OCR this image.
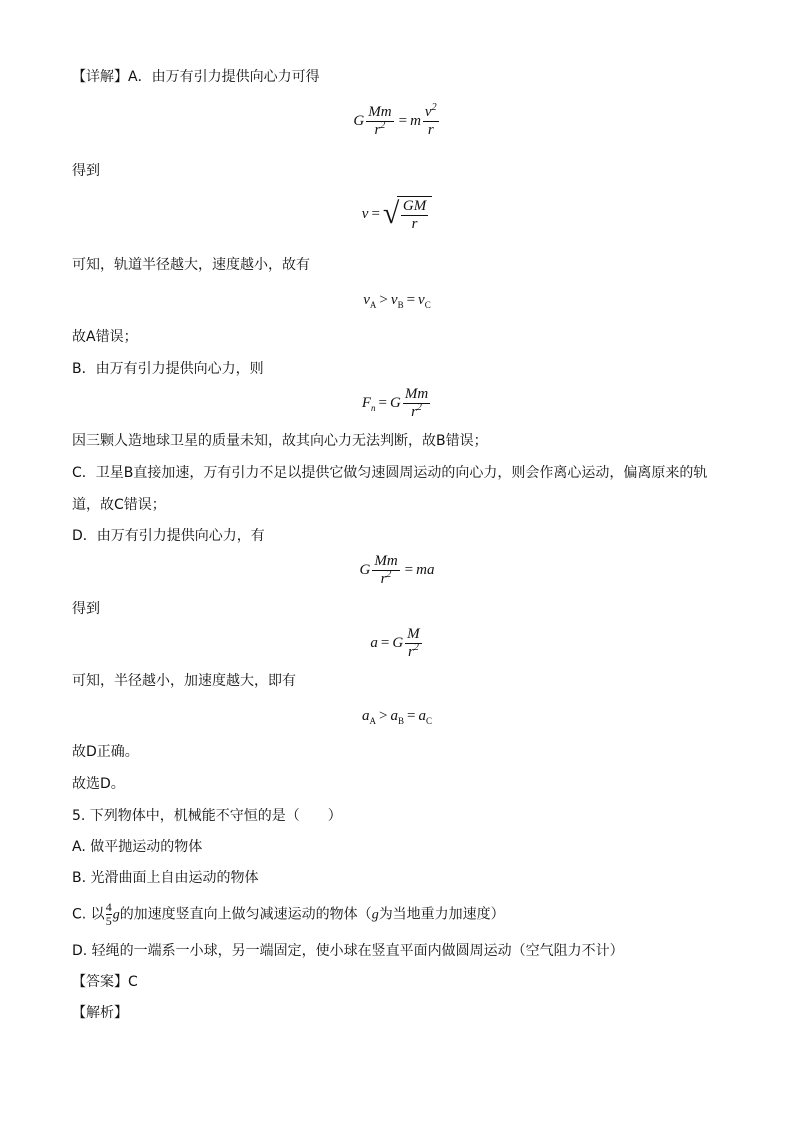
【详解】A．由万有引力提供向心力可得
G $\frac{Mm}{r^2} = m \frac{v^2}{r}$
得到
v = √ $\frac{GM}{r}$
可知，轨道半径越大，速度越小，故有
$v_A > v_B = v_C$
故A错误；
B．由万有引力提供向心力，则
$F_n = G \frac{Mm}{r^2}$
因三颗人造地球卫星的质量未知，故其向心力无法判断，故B错误；
C．卫星B直接加速，万有引力不足以提供它做匀速圆周运动的向心力，则会作离心运动，偏离原来的轨
道，故C错误；
D．由万有引力提供向心力，有
G $\frac{Mm}{r^2}$ = ma
得到
a = G $\frac{M}{r^2}$
可知，半径越小，加速度越大，即有
$a_A > a_B = a_C$
故D正确。
故选D。
5. 下列物体中，机械能不守恒的是（　　）
A. 做平抛运动的物体
B. 光滑曲面上自由运动的物体
C. 以 $\frac{4}{5}$ g的加速度竖直向上做匀减速运动的物体（g为当地重力加速度）
D. 轻绳的一端系一小球，另一端固定，使小球在竖直平面内做圆周运动（空气阻力不计）
【答案】C
【解析】
